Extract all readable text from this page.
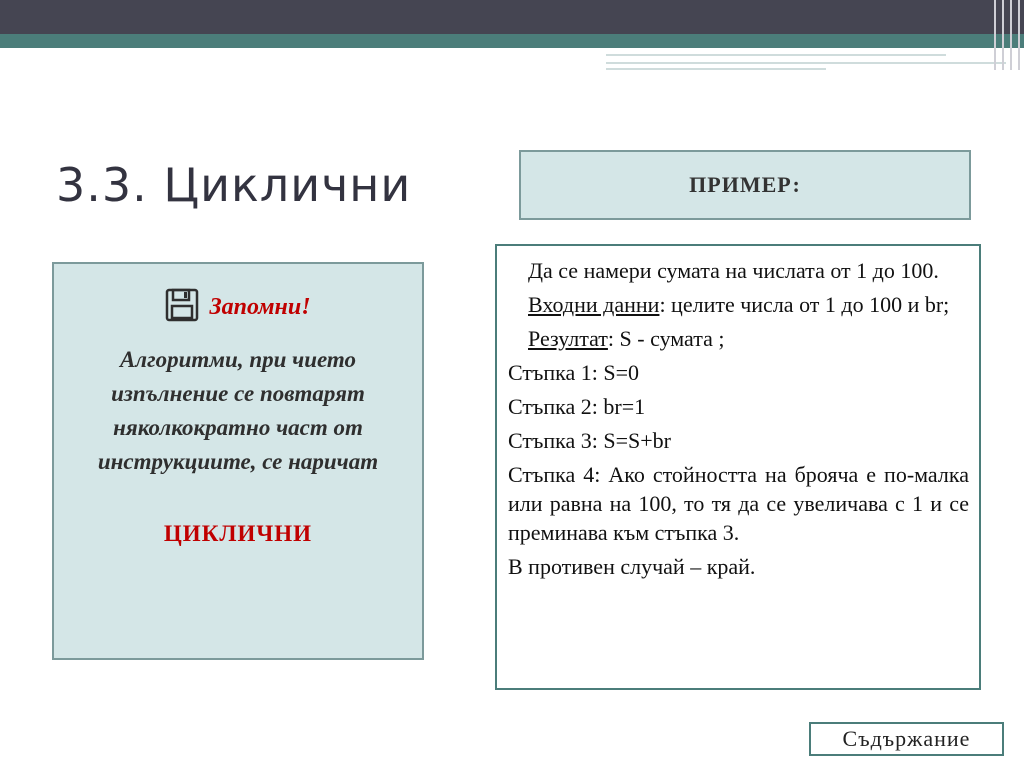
3.3. Циклични	ПРИМЕР:
Запомни!
Алгоритми, при чието изпълнение се повтарят няколкократно част от инструкциите, се наричат
ЦИКЛИЧНИ

Да се намери сумата на числата от 1 до 100.

Входни данни: целите числа от 1 до 100 и br;

Резултат: S - сумата ;

Стъпка 1: S=0

Стъпка 2: br=1

Стъпка 3: S=S+br

Стъпка 4: Ако стойността на брояча е по-малка или равна на 100, то тя да се увеличава с 1 и се преминава към стъпка 3.

В противен случай – край.

Съдържание
